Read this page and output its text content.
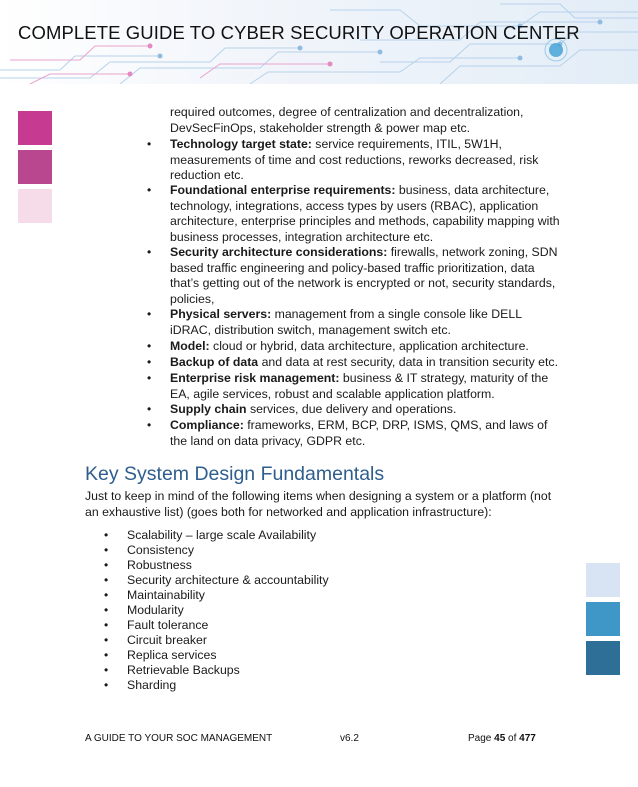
COMPLETE GUIDE TO CYBER SECURITY OPERATION CENTER
required outcomes, degree of centralization and decentralization, DevSecFinOps, stakeholder strength & power map etc.
• Technology target state: service requirements, ITIL, 5W1H, measurements of time and cost reductions, reworks decreased, risk reduction etc.
• Foundational enterprise requirements: business, data architecture, technology, integrations, access types by users (RBAC), application architecture, enterprise principles and methods, capability mapping with business processes, integration architecture etc.
• Security architecture considerations: firewalls, network zoning, SDN based traffic engineering and policy-based traffic prioritization, data that’s getting out of the network is encrypted or not, security standards, policies,
• Physical servers: management from a single console like DELL iDRAC, distribution switch, management switch etc.
• Model: cloud or hybrid, data architecture, application architecture.
• Backup of data and data at rest security, data in transition security etc.
• Enterprise risk management: business & IT strategy, maturity of the EA, agile services, robust and scalable application platform.
• Supply chain services, due delivery and operations.
• Compliance: frameworks, ERM, BCP, DRP, ISMS, QMS, and laws of the land on data privacy, GDPR etc.
Key System Design Fundamentals
Just to keep in mind of the following items when designing a system or a platform (not an exhaustive list) (goes both for networked and application infrastructure):
• Scalability – large scale Availability
• Consistency
• Robustness
• Security architecture & accountability
• Maintainability
• Modularity
• Fault tolerance
• Circuit breaker
• Replica services
• Retrievable Backups
• Sharding
A GUIDE TO YOUR SOC MANAGEMENT	v6.2	Page 45 of 477
